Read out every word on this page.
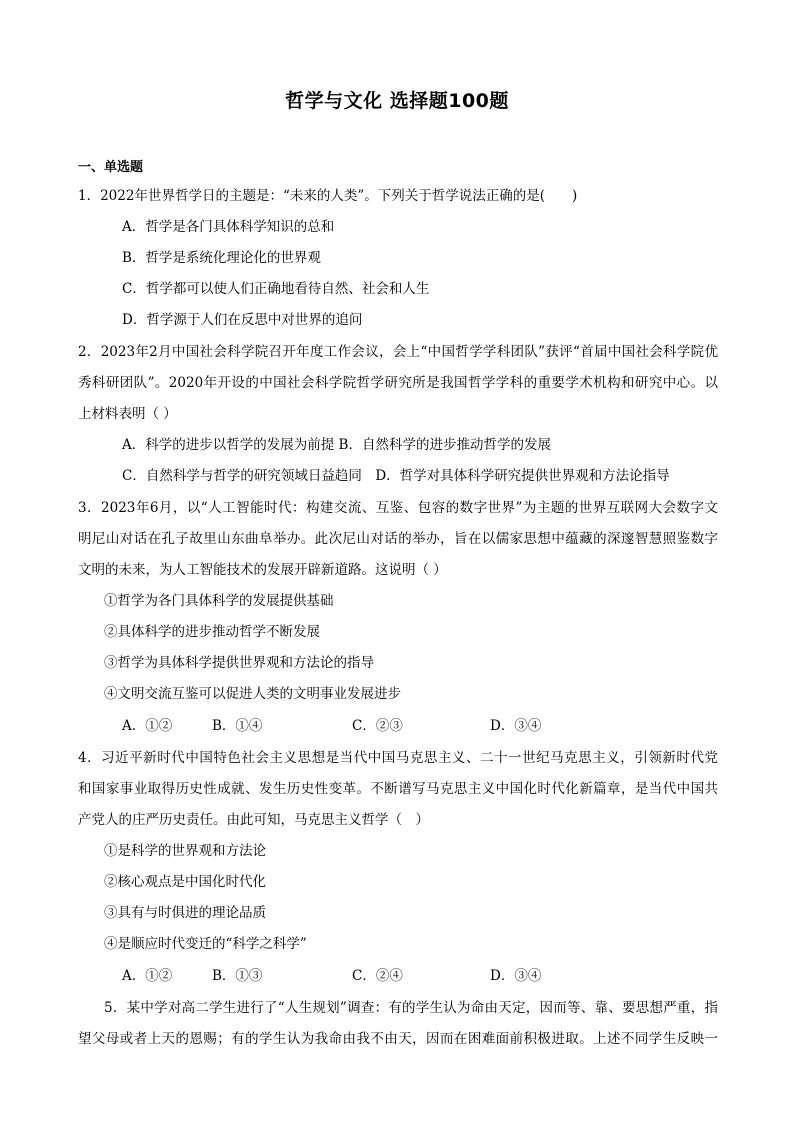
哲学与文化 选择题100题
一、单选题
1．2022年世界哲学日的主题是：“未来的人类”。下列关于哲学说法正确的是(　　)
A．哲学是各门具体科学知识的总和
B．哲学是系统化理论化的世界观
C．哲学都可以使人们正确地看待自然、社会和人生
D．哲学源于人们在反思中对世界的追问
2．2023年2月中国社会科学院召开年度工作会议，会上“中国哲学学科团队”获评“首届中国社会科学院优
秀科研团队”。2020年开设的中国社会科学院哲学研究所是我国哲学学科的重要学术机构和研究中心。以
上材料表明（ ）
A．科学的进步以哲学的发展为前提 B．自然科学的进步推动哲学的发展
C．自然科学与哲学的研究领域日益趋同　D．哲学对具体科学研究提供世界观和方法论指导
3．2023年6月，以“人工智能时代：构建交流、互鉴、包容的数字世界”为主题的世界互联网大会数字文
明尼山对话在孔子故里山东曲阜举办。此次尼山对话的举办，旨在以儒家思想中蕴藏的深邃智慧照鉴数字
文明的未来，为人工智能技术的发展开辟新道路。这说明（ ）
①哲学为各门具体科学的发展提供基础
②具体科学的进步推动哲学不断发展
③哲学为具体科学提供世界观和方法论的指导
④文明交流互鉴可以促进人类的文明事业发展进步
A．①②	B．①④	C．②③	D．③④
4．习近平新时代中国特色社会主义思想是当代中国马克思主义、二十一世纪马克思主义，引领新时代党
和国家事业取得历史性成就、发生历史性变革。不断谱写马克思主义中国化时代化新篇章，是当代中国共
产党人的庄严历史责任。由此可知，马克思主义哲学（　）
①是科学的世界观和方法论
②核心观点是中国化时代化
③具有与时俱进的理论品质
④是顺应时代变迁的“科学之科学”
A．①②	B．①③	C．②④	D．③④
5．某中学对高二学生进行了“人生规划”调查：有的学生认为命由天定，因而等、靠、要思想严重，指
望父母或者上天的恩赐；有的学生认为我命由我不由天，因而在困难面前积极进取。上述不同学生反映一
